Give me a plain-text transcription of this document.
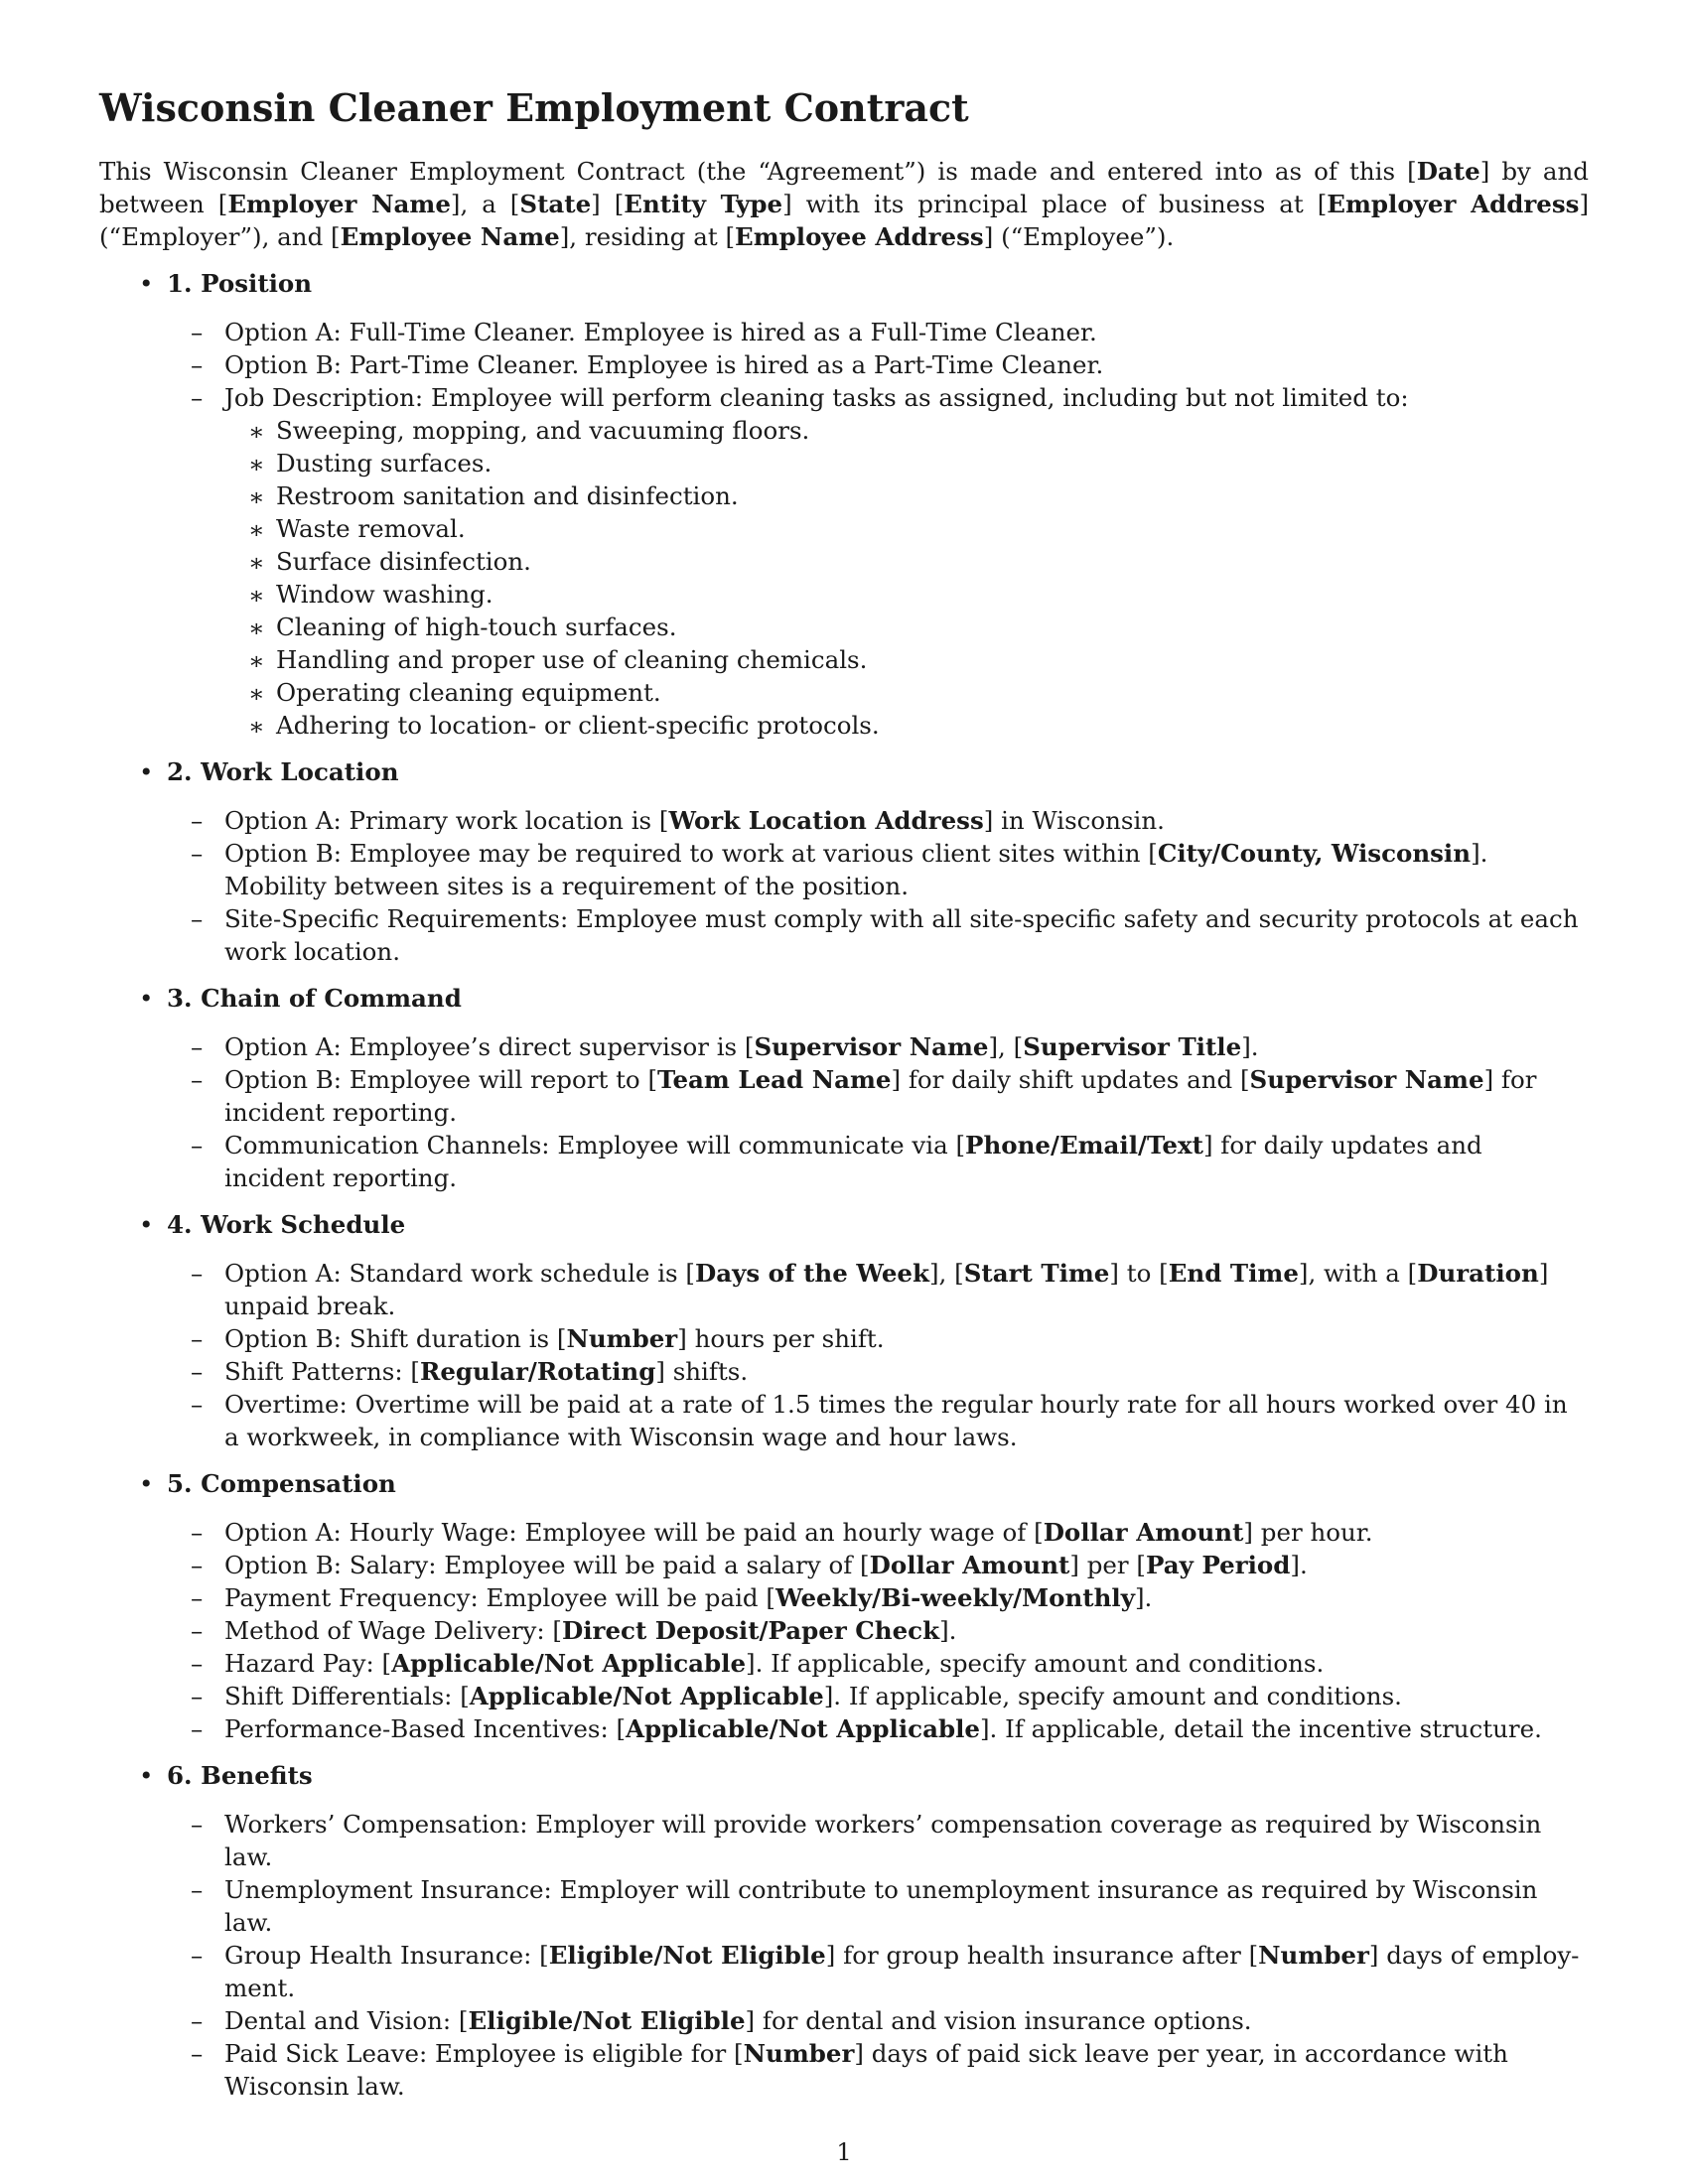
Wisconsin Cleaner Employment Contract

This Wisconsin Cleaner Employment Contract (the “Agreement”) is made and entered into as of this [Date] by and between [Employer Name], a [State] [Entity Type] with its principal place of business at [Employer Address] (“Employer”), and [Employee Name], residing at [Employee Address] (“Employee”).

• 1. Position
– Option A: Full-Time Cleaner. Employee is hired as a Full-Time Cleaner.
– Option B: Part-Time Cleaner. Employee is hired as a Part-Time Cleaner.
– Job Description: Employee will perform cleaning tasks as assigned, including but not limited to:
∗ Sweeping, mopping, and vacuuming floors.
∗ Dusting surfaces.
∗ Restroom sanitation and disinfection.
∗ Waste removal.
∗ Surface disinfection.
∗ Window washing.
∗ Cleaning of high-touch surfaces.
∗ Handling and proper use of cleaning chemicals.
∗ Operating cleaning equipment.
∗ Adhering to location- or client-specific protocols.
• 2. Work Location
– Option A: Primary work location is [Work Location Address] in Wisconsin.
– Option B: Employee may be required to work at various client sites within [City/County, Wisconsin]. Mobility between sites is a requirement of the position.
– Site-Specific Requirements: Employee must comply with all site-specific safety and security protocols at each work location.
• 3. Chain of Command
– Option A: Employee’s direct supervisor is [Supervisor Name], [Supervisor Title].
– Option B: Employee will report to [Team Lead Name] for daily shift updates and [Supervisor Name] for incident reporting.
– Communication Channels: Employee will communicate via [Phone/Email/Text] for daily updates and incident reporting.
• 4. Work Schedule
– Option A: Standard work schedule is [Days of the Week], [Start Time] to [End Time], with a [Duration] unpaid break.
– Option B: Shift duration is [Number] hours per shift.
– Shift Patterns: [Regular/Rotating] shifts.
– Overtime: Overtime will be paid at a rate of 1.5 times the regular hourly rate for all hours worked over 40 in a workweek, in compliance with Wisconsin wage and hour laws.
• 5. Compensation
– Option A: Hourly Wage: Employee will be paid an hourly wage of [Dollar Amount] per hour.
– Option B: Salary: Employee will be paid a salary of [Dollar Amount] per [Pay Period].
– Payment Frequency: Employee will be paid [Weekly/Bi-weekly/Monthly].
– Method of Wage Delivery: [Direct Deposit/Paper Check].
– Hazard Pay: [Applicable/Not Applicable]. If applicable, specify amount and conditions.
– Shift Differentials: [Applicable/Not Applicable]. If applicable, specify amount and conditions.
– Performance-Based Incentives: [Applicable/Not Applicable]. If applicable, detail the incentive structure.
• 6. Benefits
– Workers’ Compensation: Employer will provide workers’ compensation coverage as required by Wisconsin law.
– Unemployment Insurance: Employer will contribute to unemployment insurance as required by Wisconsin law.
– Group Health Insurance: [Eligible/Not Eligible] for group health insurance after [Number] days of employ-ment.
– Dental and Vision: [Eligible/Not Eligible] for dental and vision insurance options.
– Paid Sick Leave: Employee is eligible for [Number] days of paid sick leave per year, in accordance with Wisconsin law.
1
